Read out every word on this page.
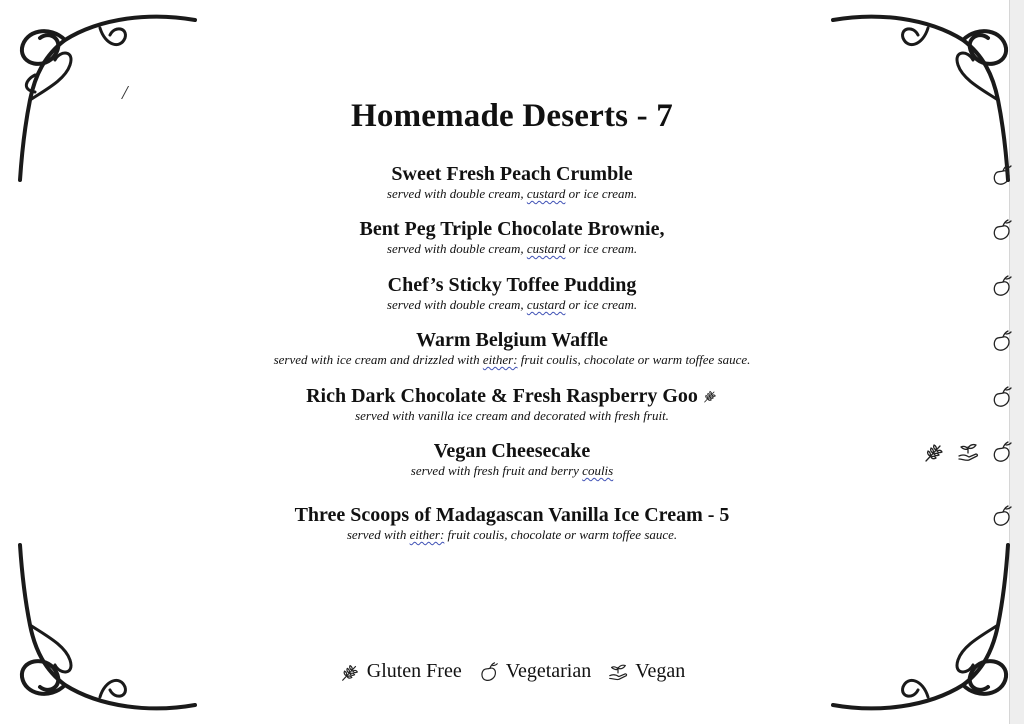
/
Homemade Deserts - 7
Sweet Fresh Peach Crumble
served with double cream, custard or ice cream.
Bent Peg Triple Chocolate Brownie,
served with double cream, custard or ice cream.
Chef’s Sticky Toffee Pudding
served with double cream, custard or ice cream.
Warm Belgium Waffle
served with ice cream and drizzled with either: fruit coulis, chocolate or warm toffee sauce.
Rich Dark Chocolate & Fresh Raspberry Goo
served with vanilla ice cream and decorated with fresh fruit.
Vegan Cheesecake
served with fresh fruit and berry coulis
Three Scoops of Madagascan Vanilla Ice Cream - 5
served with either: fruit coulis, chocolate or warm toffee sauce.
Gluten Free Vegetarian Vegan
